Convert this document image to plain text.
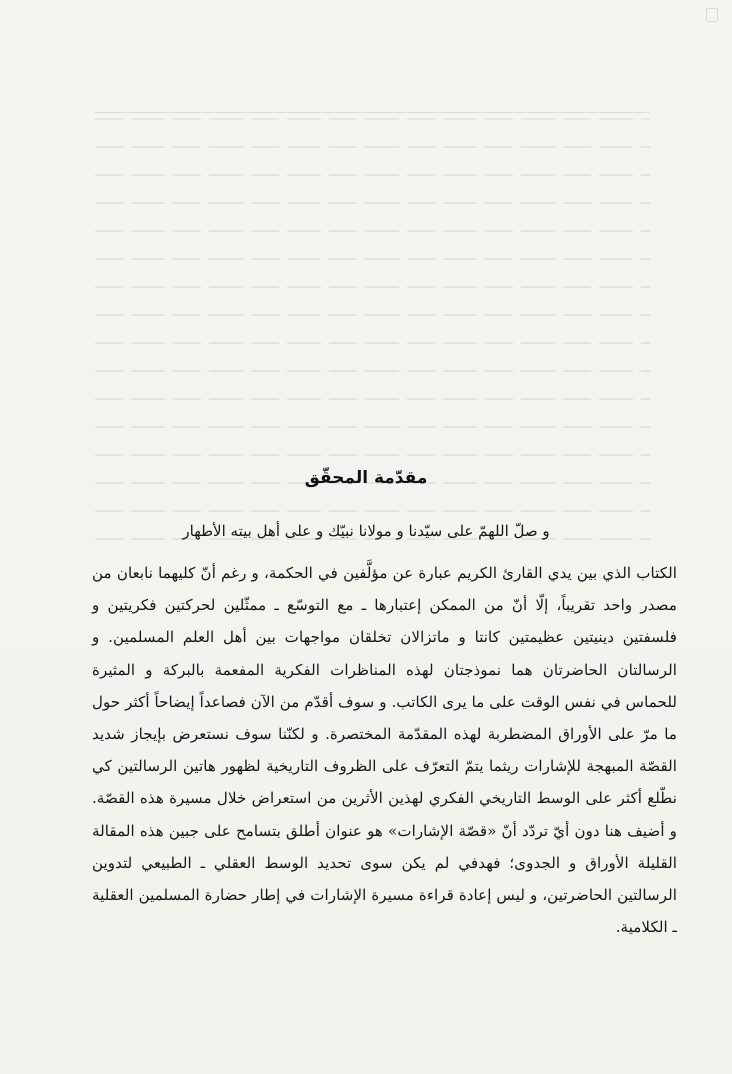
مقدّمة المحقّق
و صلّ اللهمّ على سيّدنا و مولانا نبيّك و على أهل بيته الأطهار

الكتاب الذي بين يدي القارئ الكريم عبارة عن مؤلَّفين في الحكمة، و رغم أنّ كليهما نابعان من مصدر واحد تقريباً، إلّا أنّ من الممكن إعتبارها ـ مع التوسّع ـ ممثّلين لحركتين فكريتين و فلسفتين دينيتين عظيمتين كانتا و ماتزالان تخلقان مواجهات بين أهل العلم المسلمين. و الرسالتان الحاضرتان هما نموذجتان لهذه المناظرات الفكرية المفعمة بالبركة و المثيرة للحماس في نفس الوقت على ما يرى الكاتب. و سوف أقدّم من الآن فصاعداً إيضاحاً أكثر حول ما مرّ على الأوراق المضطربة لهذه المقدّمة المختصرة. و لكنّنا سوف نستعرض بإيجاز شديد القصّة المبهجة للإشارات ريثما يتمّ التعرّف على الظروف التاريخية لظهور هاتين الرسالتين كي نطّلع أكثر على الوسط التاريخي الفكري لهذين الأثرين من استعراض خلال مسيرة هذه القصّة. و أضيف هنا دون أيّ تردّد أنّ «قصّة الإشارات» هو عنوان أطلق بتسامح على جبين هذه المقالة القليلة الأوراق و الجدوى؛ فهدفي لم يكن سوى تحديد الوسط العقلي ـ الطبيعي لتدوين الرسالتين الحاضرتين، و ليس إعادة قراءة مسيرة الإشارات في إطار حضارة المسلمين العقلية ـ الكلامية.
